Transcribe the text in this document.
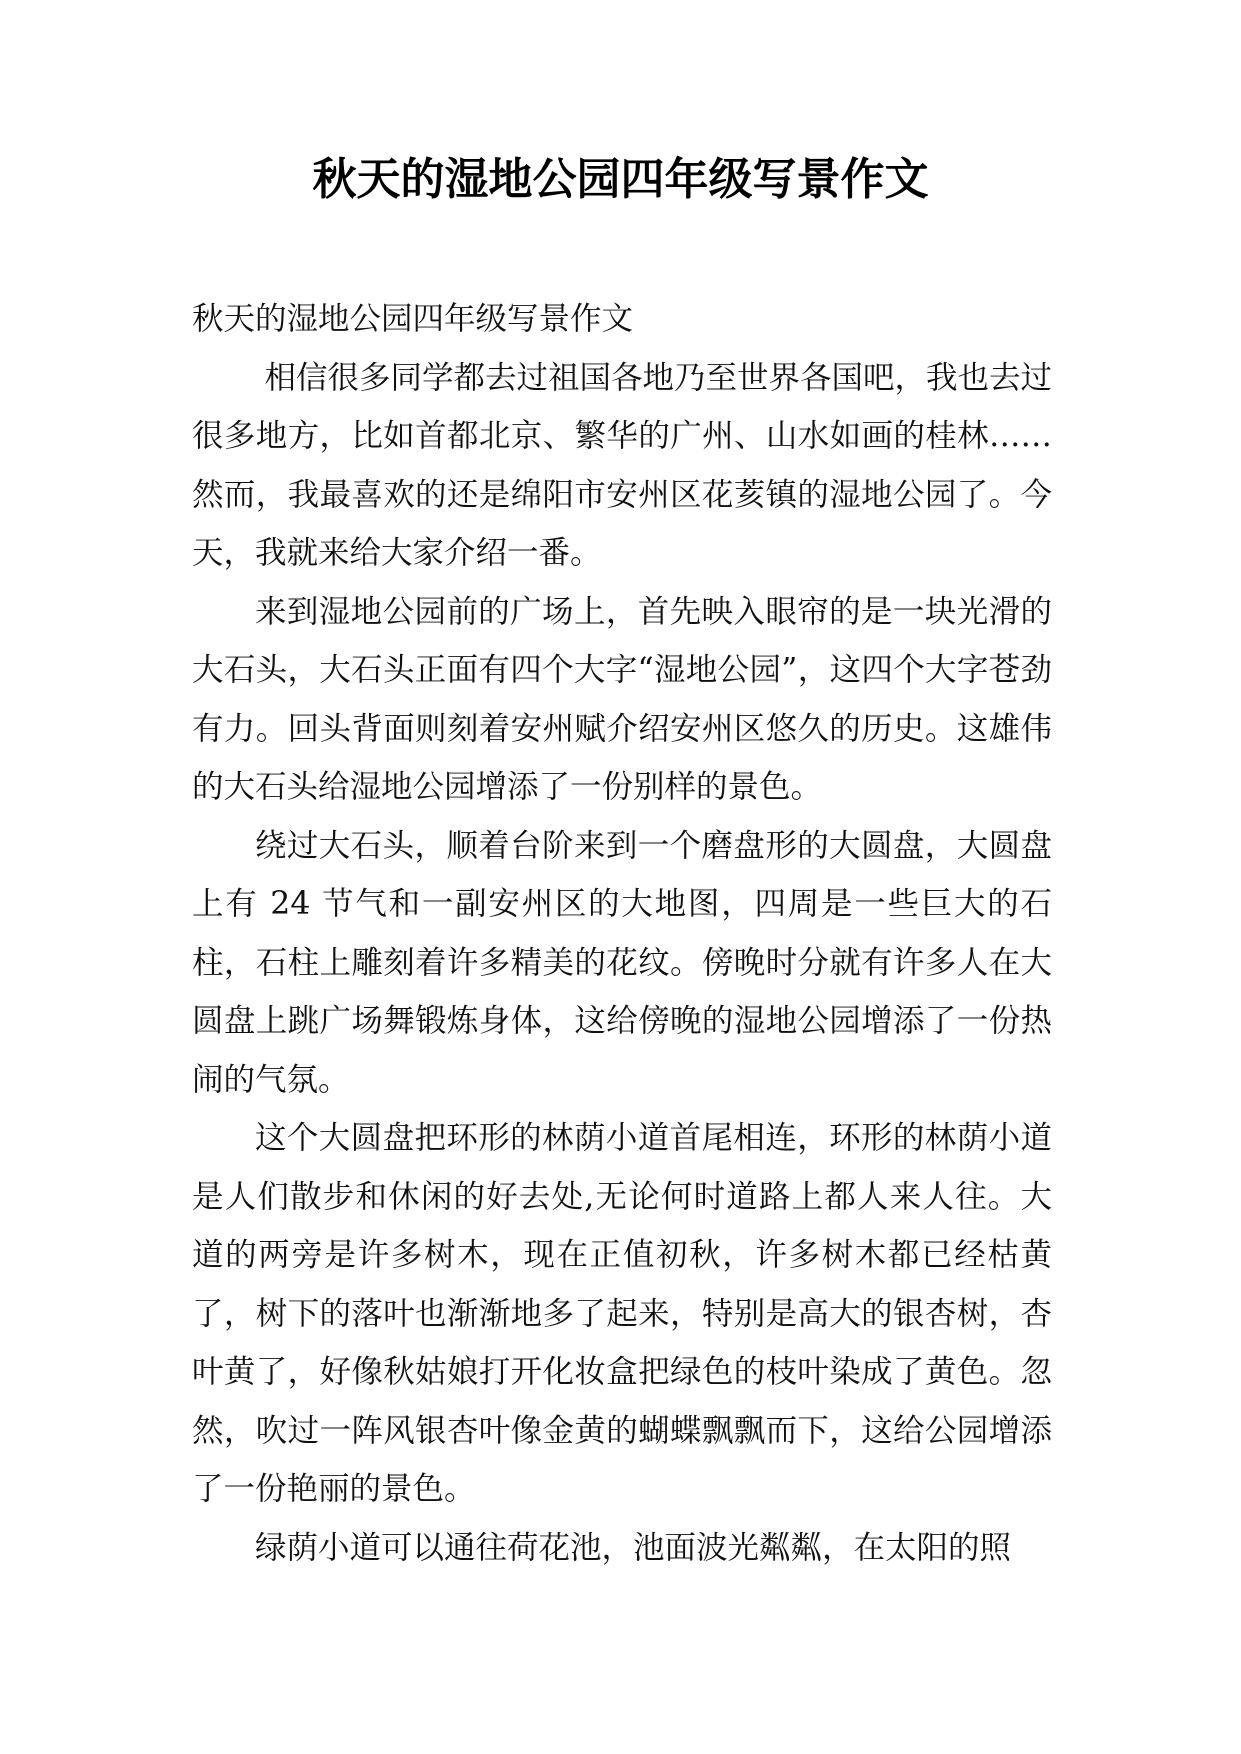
秋天的湿地公园四年级写景作文

秋天的湿地公园四年级写景作文

相信很多同学都去过祖国各地乃至世界各国吧，我也去过很多地方，比如首都北京、繁华的广州、山水如画的桂林……然而，我最喜欢的还是绵阳市安州区花荄镇的湿地公园了。今天，我就来给大家介绍一番。

来到湿地公园前的广场上，首先映入眼帘的是一块光滑的大石头，大石头正面有四个大字“湿地公园”，这四个大字苍劲有力。回头背面则刻着安州赋介绍安州区悠久的历史。这雄伟的大石头给湿地公园增添了一份别样的景色。

绕过大石头，顺着台阶来到一个磨盘形的大圆盘，大圆盘上有 24 节气和一副安州区的大地图，四周是一些巨大的石柱，石柱上雕刻着许多精美的花纹。傍晚时分就有许多人在大圆盘上跳广场舞锻炼身体，这给傍晚的湿地公园增添了一份热闹的气氛。

这个大圆盘把环形的林荫小道首尾相连，环形的林荫小道是人们散步和休闲的好去处,无论何时道路上都人来人往。大道的两旁是许多树木，现在正值初秋，许多树木都已经枯黄了，树下的落叶也渐渐地多了起来，特别是高大的银杏树，杏叶黄了，好像秋姑娘打开化妆盒把绿色的枝叶染成了黄色。忽然，吹过一阵风银杏叶像金黄的蝴蝶飘飘而下，这给公园增添了一份艳丽的景色。

绿荫小道可以通往荷花池，池面波光粼粼，在太阳的照
